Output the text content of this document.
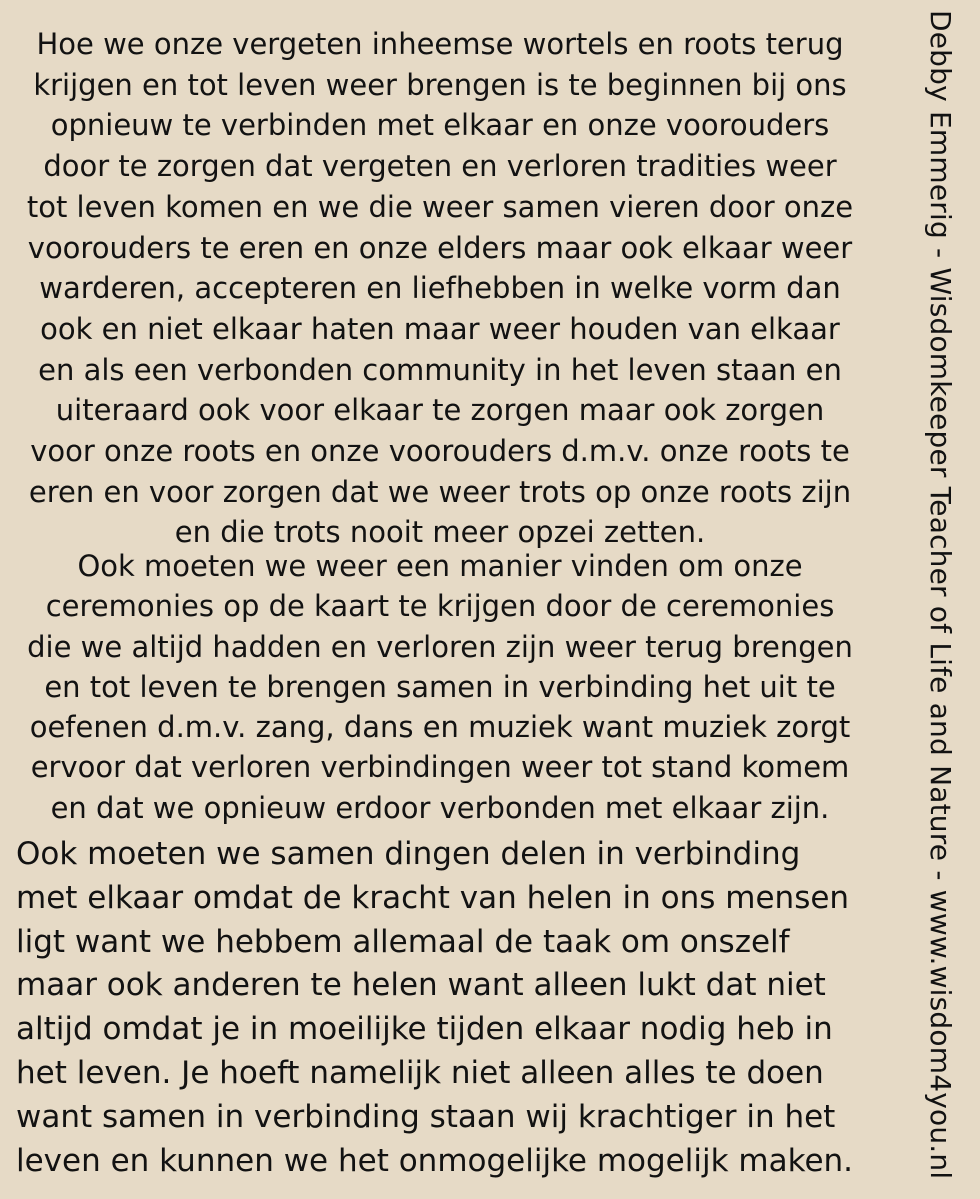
Hoe we onze vergeten inheemse wortels en roots terug
krijgen en tot leven weer brengen is te beginnen bij ons
opnieuw te verbinden met elkaar en onze voorouders
door te zorgen dat vergeten en verloren tradities weer
tot leven komen en we die weer samen vieren door onze
voorouders te eren en onze elders maar ook elkaar weer
warderen, accepteren en liefhebben in welke vorm dan
ook en niet elkaar haten maar weer houden van elkaar
en als een verbonden community in het leven staan en
uiteraard ook voor elkaar te zorgen maar ook zorgen
voor onze roots en onze voorouders d.m.v. onze roots te
eren en voor zorgen dat we weer trots op onze roots zijn
en die trots nooit meer opzei zetten.

Ook moeten we weer een manier vinden om onze
ceremonies op de kaart te krijgen door de ceremonies
die we altijd hadden en verloren zijn weer terug brengen
en tot leven te brengen samen in verbinding het uit te
oefenen d.m.v. zang, dans en muziek want muziek zorgt
ervoor dat verloren verbindingen weer tot stand komem
en dat we opnieuw erdoor verbonden met elkaar zijn.

Ook moeten we samen dingen delen in verbinding
met elkaar omdat de kracht van helen in ons mensen
ligt want we hebbem allemaal de taak om onszelf
maar ook anderen te helen want alleen lukt dat niet
altijd omdat je in moeilijke tijden elkaar nodig heb in
het leven. Je hoeft namelijk niet alleen alles te doen
want samen in verbinding staan wij krachtiger in het
leven en kunnen we het onmogelijke mogelijk maken.	Debby Emmerig - Wisdomkeeper Teacher of Life and Nature - www.wisdom4you.nl
